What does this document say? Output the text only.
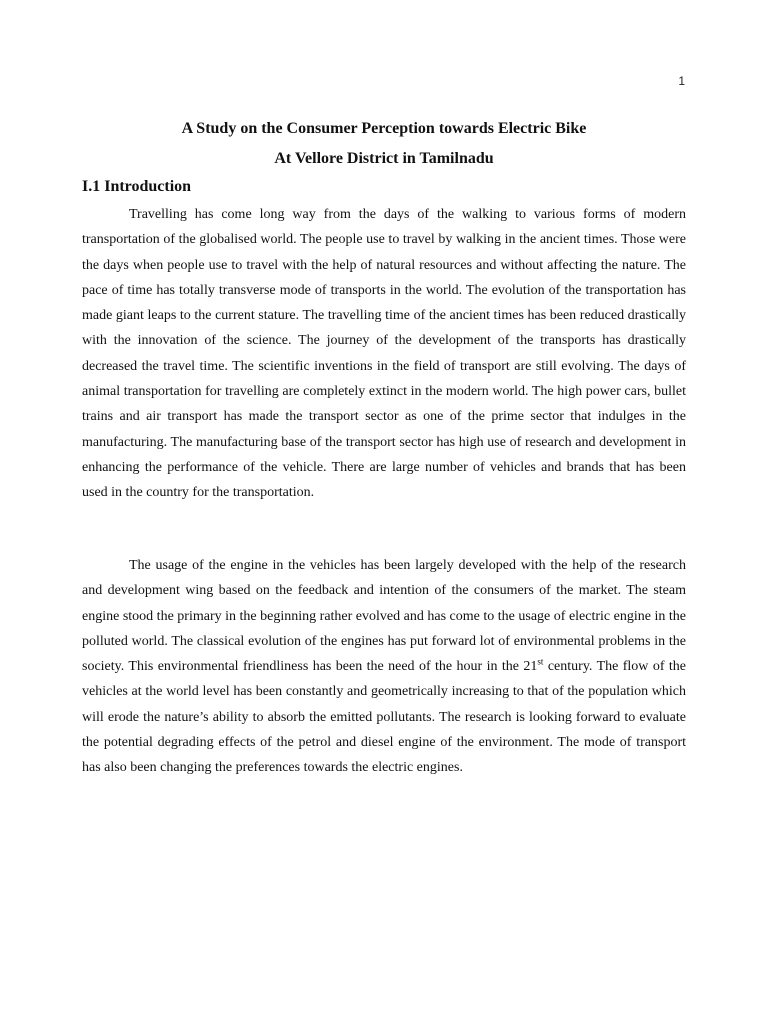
1
A Study on the Consumer Perception towards Electric Bike
At Vellore District in Tamilnadu
I.1 Introduction

Travelling has come long way from the days of the walking to various forms of modern transportation of the globalised world. The people use to travel by walking in the ancient times. Those were the days when people use to travel with the help of natural resources and without affecting the nature. The pace of time has totally transverse mode of transports in the world. The evolution of the transportation has made giant leaps to the current stature. The travelling time of the ancient times has been reduced drastically with the innovation of the science. The journey of the development of the transports has drastically decreased the travel time. The scientific inventions in the field of transport are still evolving. The days of animal transportation for travelling are completely extinct in the modern world. The high power cars, bullet trains and air transport has made the transport sector as one of the prime sector that indulges in the manufacturing. The manufacturing base of the transport sector has high use of research and development in enhancing the performance of the vehicle. There are large number of vehicles and brands that has been used in the country for the transportation.

The usage of the engine in the vehicles has been largely developed with the help of the research and development wing based on the feedback and intention of the consumers of the market. The steam engine stood the primary in the beginning rather evolved and has come to the usage of electric engine in the polluted world. The classical evolution of the engines has put forward lot of environmental problems in the society. This environmental friendliness has been the need of the hour in the 21st century. The flow of the vehicles at the world level has been constantly and geometrically increasing to that of the population which will erode the nature’s ability to absorb the emitted pollutants. The research is looking forward to evaluate the potential degrading effects of the petrol and diesel engine of the environment. The mode of transport has also been changing the preferences towards the electric engines.
